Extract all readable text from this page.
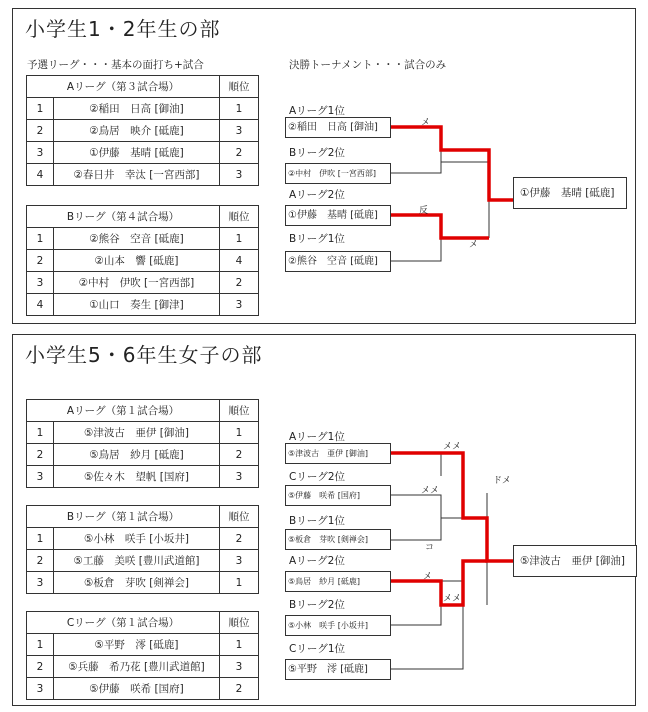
小学生1・2年生の部
予選リーグ・・・基本の面打ち+試合	決勝トーナメント・・・試合のみ
Aリーグ（第３試合場）		順位
1	②稲田　日高 [御油]	1
2	②鳥居　映介 [砥鹿]	3
3	①伊藤　基晴 [砥鹿]	2
4	②春日井　幸汰 [一宮西部]	3
Bリーグ（第４試合場）		順位
1	②熊谷　空音 [砥鹿]	1
2	②山本　響 [砥鹿]	4
3	②中村　伊吹 [一宮西部]	2
4	①山口　奏生 [御津]	3
Aリーグ1位
②稲田　日高 [御油]
Bリーグ2位
②中村　伊吹 [一宮西部]
Aリーグ2位
①伊藤　基晴 [砥鹿]
Bリーグ1位
②熊谷　空音 [砥鹿]
①伊藤　基晴 [砥鹿]
メ
反
メ
小学生5・6年生女子の部
Aリーグ（第１試合場）		順位
1	⑤津波古　亜伊 [御油]	1
2	⑤鳥居　紗月 [砥鹿]	2
3	⑤佐々木　望帆 [国府]	3
Bリーグ（第１試合場）		順位
1	⑤小林　咲手 [小坂井]	2
2	⑤工藤　美咲 [豊川武道館]	3
3	⑤板倉　芽吹 [剣禅会]	1
Cリーグ（第１試合場）		順位
1	⑤平野　澪 [砥鹿]	1
2	⑤兵藤　希乃花 [豊川武道館]	3
3	⑤伊藤　咲希 [国府]	2
Aリーグ1位
⑤津波古　亜伊 [御油]
Cリーグ2位
⑤伊藤　咲希 [国府]
Bリーグ1位
⑤板倉　芽吹 [剣禅会]
Aリーグ2位
⑤鳥居　紗月 [砥鹿]
Bリーグ2位
⑤小林　咲手 [小坂井]
Cリーグ1位
⑤平野　澪 [砥鹿]
⑤津波古　亜伊 [御油]
メメ
メメ
コ
メ
メメ
ドメ
